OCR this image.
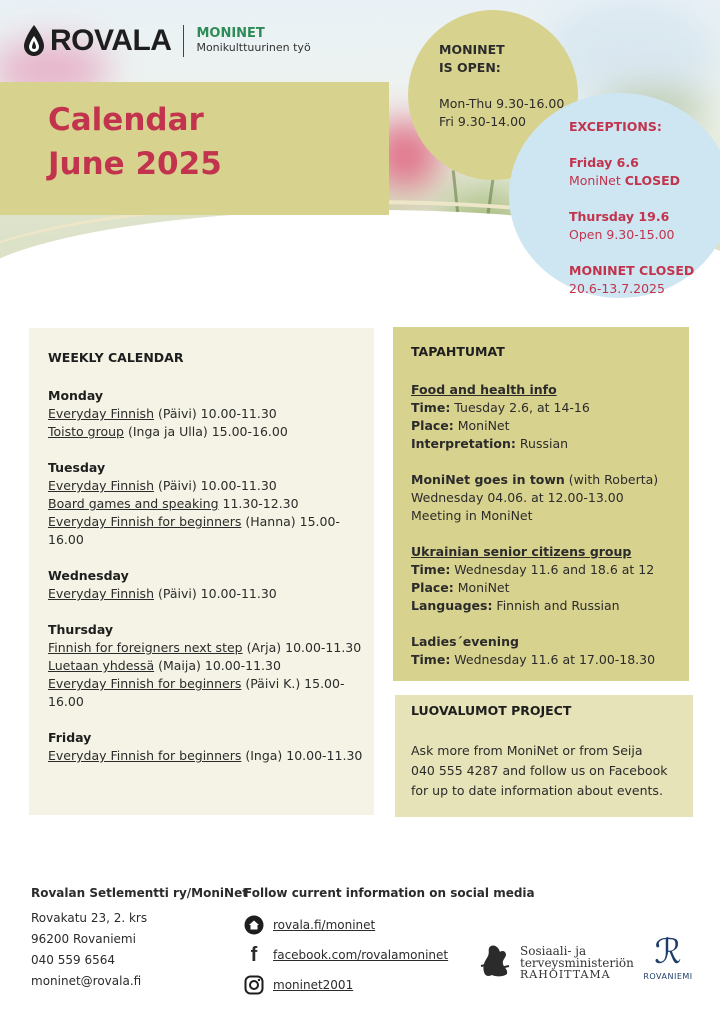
ROVALA MONINET
Monikulttuurinen työ
Calendar
June 2025
MONINET
IS OPEN:
Mon-Thu 9.30-16.00
Fri 9.30-14.00	EXCEPTIONS:
Friday 6.6
MoniNet CLOSED
Thursday 19.6
Open 9.30-15.00
MONINET CLOSED
20.6-13.7.2025
WEEKLY CALENDAR
Monday
Everyday Finnish (Päivi) 10.00-11.30
Toisto group (Inga ja Ulla) 15.00-16.00
Tuesday
Everyday Finnish (Päivi) 10.00-11.30
Board games and speaking 11.30-12.30
Everyday Finnish for beginners (Hanna) 15.00-16.00
Wednesday
Everyday Finnish (Päivi) 10.00-11.30
Thursday
Finnish for foreigners next step (Arja) 10.00-11.30
Luetaan yhdessä (Maija) 10.00-11.30
Everyday Finnish for beginners (Päivi K.) 15.00-16.00
Friday
Everyday Finnish for beginners (Inga) 10.00-11.30
TAPAHTUMAT
Food and health info
Time: Tuesday 2.6, at 14-16
Place: MoniNet
Interpretation: Russian
MoniNet goes in town (with Roberta)
Wednesday 04.06. at 12.00-13.00
Meeting in MoniNet
Ukrainian senior citizens group
Time: Wednesday 11.6 and 18.6 at 12
Place: MoniNet
Languages: Finnish and Russian
Ladies´evening
Time: Wednesday 11.6 at 17.00-18.30
LUOVALUMOT PROJECT
Ask more from MoniNet or from Seija
040 555 4287 and follow us on Facebook
for up to date information about events.
Rovalan Setlementti ry/MoniNet
Rovakatu 23, 2. krs
96200 Rovaniemi
040 559 6564
moninet@rovala.fi
Follow current information on social media
rovala.fi/moninet
f	facebook.com/rovalamoninet
moninet2001
Sosiaali- ja
terveysministeriön
RAHOITTAMA
ℛ
ROVANIEMI
